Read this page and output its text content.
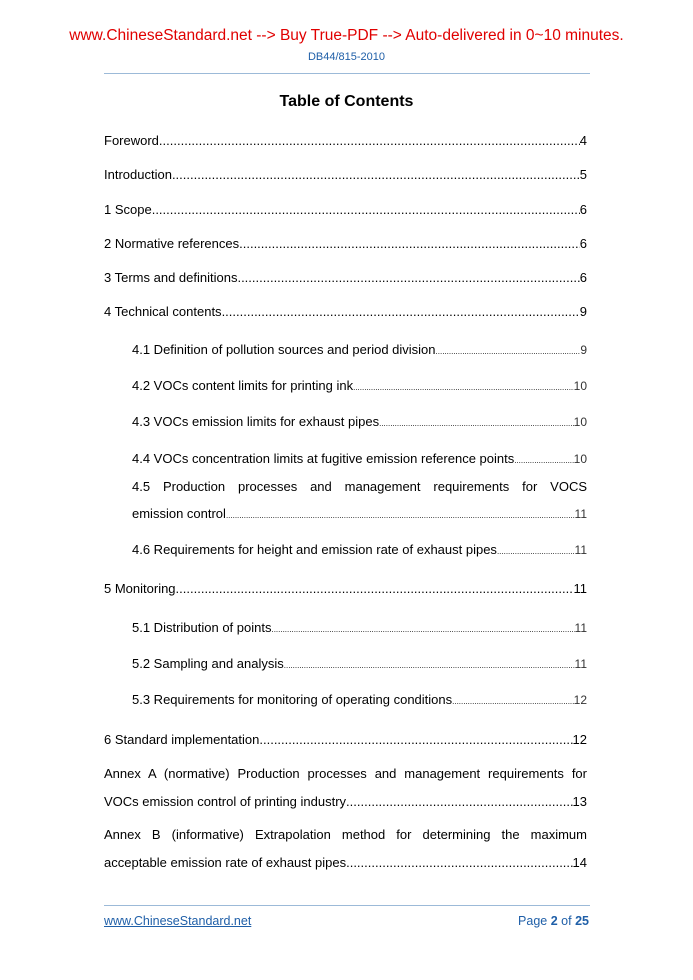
www.ChineseStandard.net --> Buy True-PDF --> Auto-delivered in 0~10 minutes.
DB44/815-2010
Table of Contents
Foreword .....	4
Introduction .....	5
1 Scope .....	6
2 Normative references .....	6
3 Terms and definitions .....	6
4 Technical contents .....	9
4.1 Definition of pollution sources and period division .....	9
4.2 VOCs content limits for printing ink .....	10
4.3 VOCs emission limits for exhaust pipes .....	10
4.4 VOCs concentration limits at fugitive emission reference points .....	10
4.5 Production processes and management requirements for VOCS
emission control .....	11
4.6 Requirements for height and emission rate of exhaust pipes .....	11
5 Monitoring .....	11
5.1 Distribution of points .....	11
5.2 Sampling and analysis .....	11
5.3 Requirements for monitoring of operating conditions .....	12
6 Standard implementation .....	12
Annex A (normative) Production processes and management requirements for
VOCs emission control of printing industry .....	13
Annex B (informative) Extrapolation method for determining the maximum
acceptable emission rate of exhaust pipes .....	14
www.ChineseStandard.net	Page 2 of 25
